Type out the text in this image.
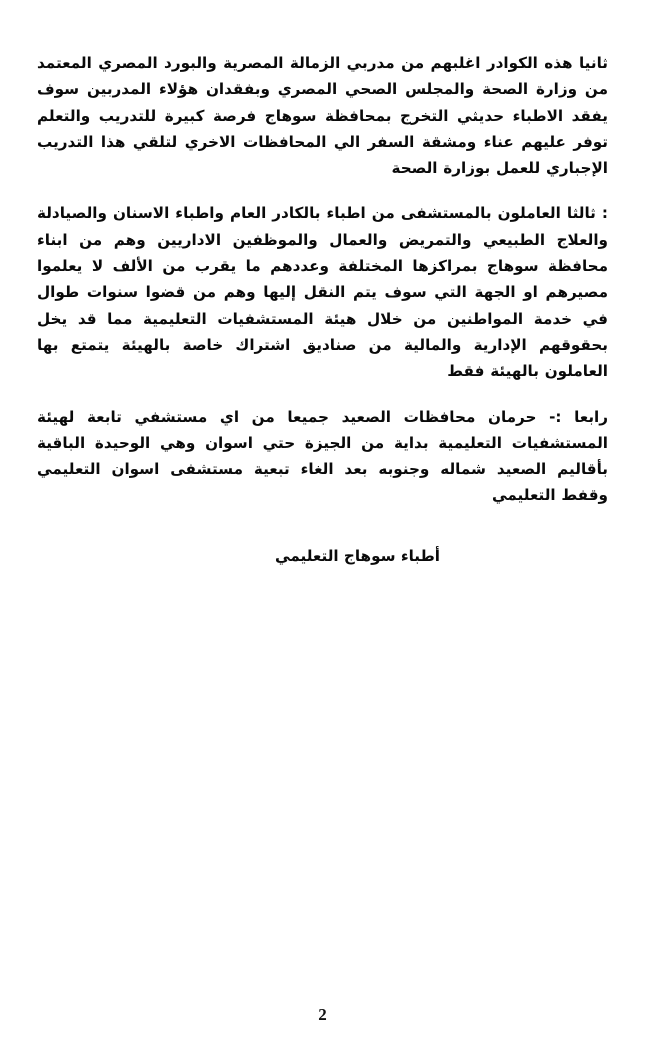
ثانيا هذه الكوادر اغلبهم من مدربي الزمالة المصرية والبورد المصري المعتمد من وزارة الصحة والمجلس الصحي المصري وبفقدان هؤلاء المدربين سوف يفقد الاطباء حديثي التخرج بمحافظة سوهاج فرصة كبيرة للتدريب والتعلم توفر عليهم عناء ومشقة السفر الي المحافظات الاخري لتلقي هذا التدريب الإجباري للعمل بوزارة الصحة

: ثالثا العاملون بالمستشفى من اطباء بالكادر العام واطباء الاسنان والصيادلة والعلاج الطبيعي والتمريض والعمال والموظفين الاداريين وهم من ابناء محافظة سوهاج بمراكزها المختلفة وعددهم ما يقرب من الألف لا يعلموا مصيرهم او الجهة التي سوف يتم النقل إليها وهم من قضوا سنوات طوال في خدمة المواطنين من خلال هيئة المستشفيات التعليمية مما قد يخل بحقوقهم الإدارية والمالية من صناديق اشتراك خاصة بالهيئة يتمتع بها العاملون بالهيئة فقط

رابعا :- حرمان محافظات الصعيد جميعا من اي مستشفي تابعة لهيئة المستشفيات التعليمية بداية من الجيزة حتي اسوان وهي الوحيدة الباقية بأقاليم الصعيد شماله وجنوبه بعد الغاء تبعية مستشفى اسوان التعليمي وقفط التعليمي

أطباء سوهاج التعليمي
2
